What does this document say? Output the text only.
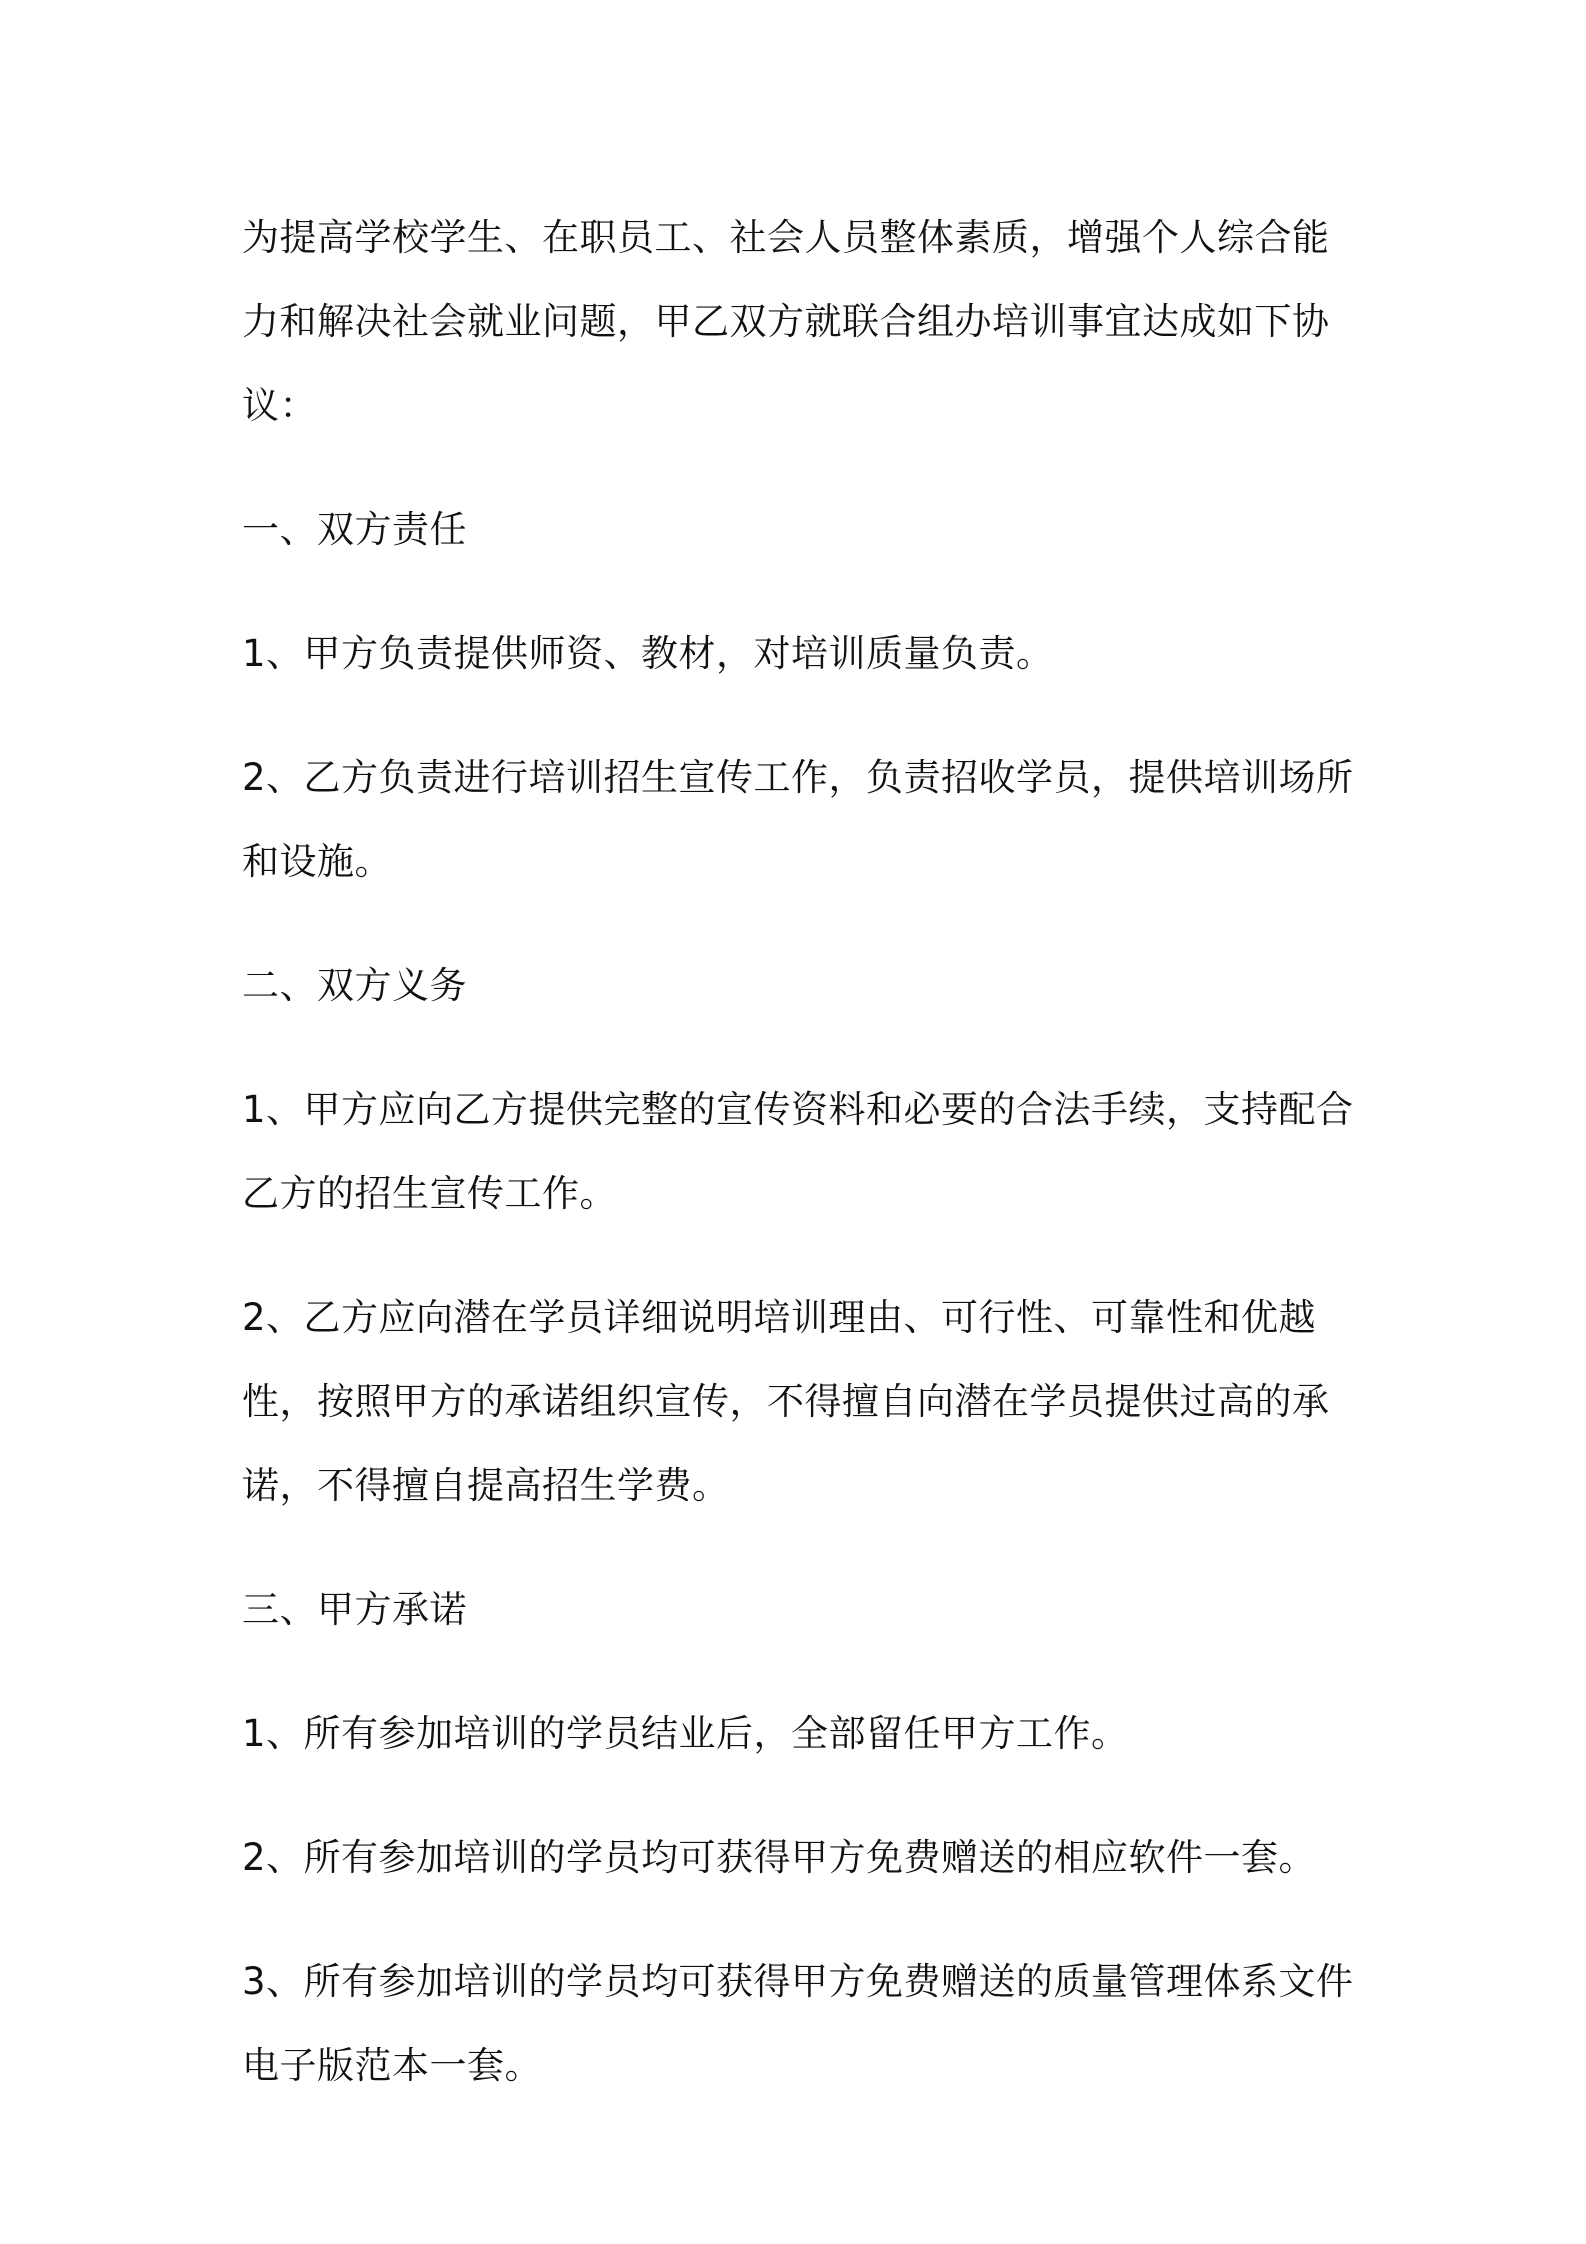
为提高学校学生、在职员工、社会人员整体素质，增强个人综合能力和解决社会就业问题，甲乙双方就联合组办培训事宜达成如下协议：

一、双方责任

1、甲方负责提供师资、教材，对培训质量负责。

2、乙方负责进行培训招生宣传工作，负责招收学员，提供培训场所和设施。

二、双方义务

1、甲方应向乙方提供完整的宣传资料和必要的合法手续，支持配合乙方的招生宣传工作。

2、乙方应向潜在学员详细说明培训理由、可行性、可靠性和优越性，按照甲方的承诺组织宣传，不得擅自向潜在学员提供过高的承诺，不得擅自提高招生学费。

三、甲方承诺

1、所有参加培训的学员结业后，全部留任甲方工作。

2、所有参加培训的学员均可获得甲方免费赠送的相应软件一套。

3、所有参加培训的学员均可获得甲方免费赠送的质量管理体系文件电子版范本一套。
